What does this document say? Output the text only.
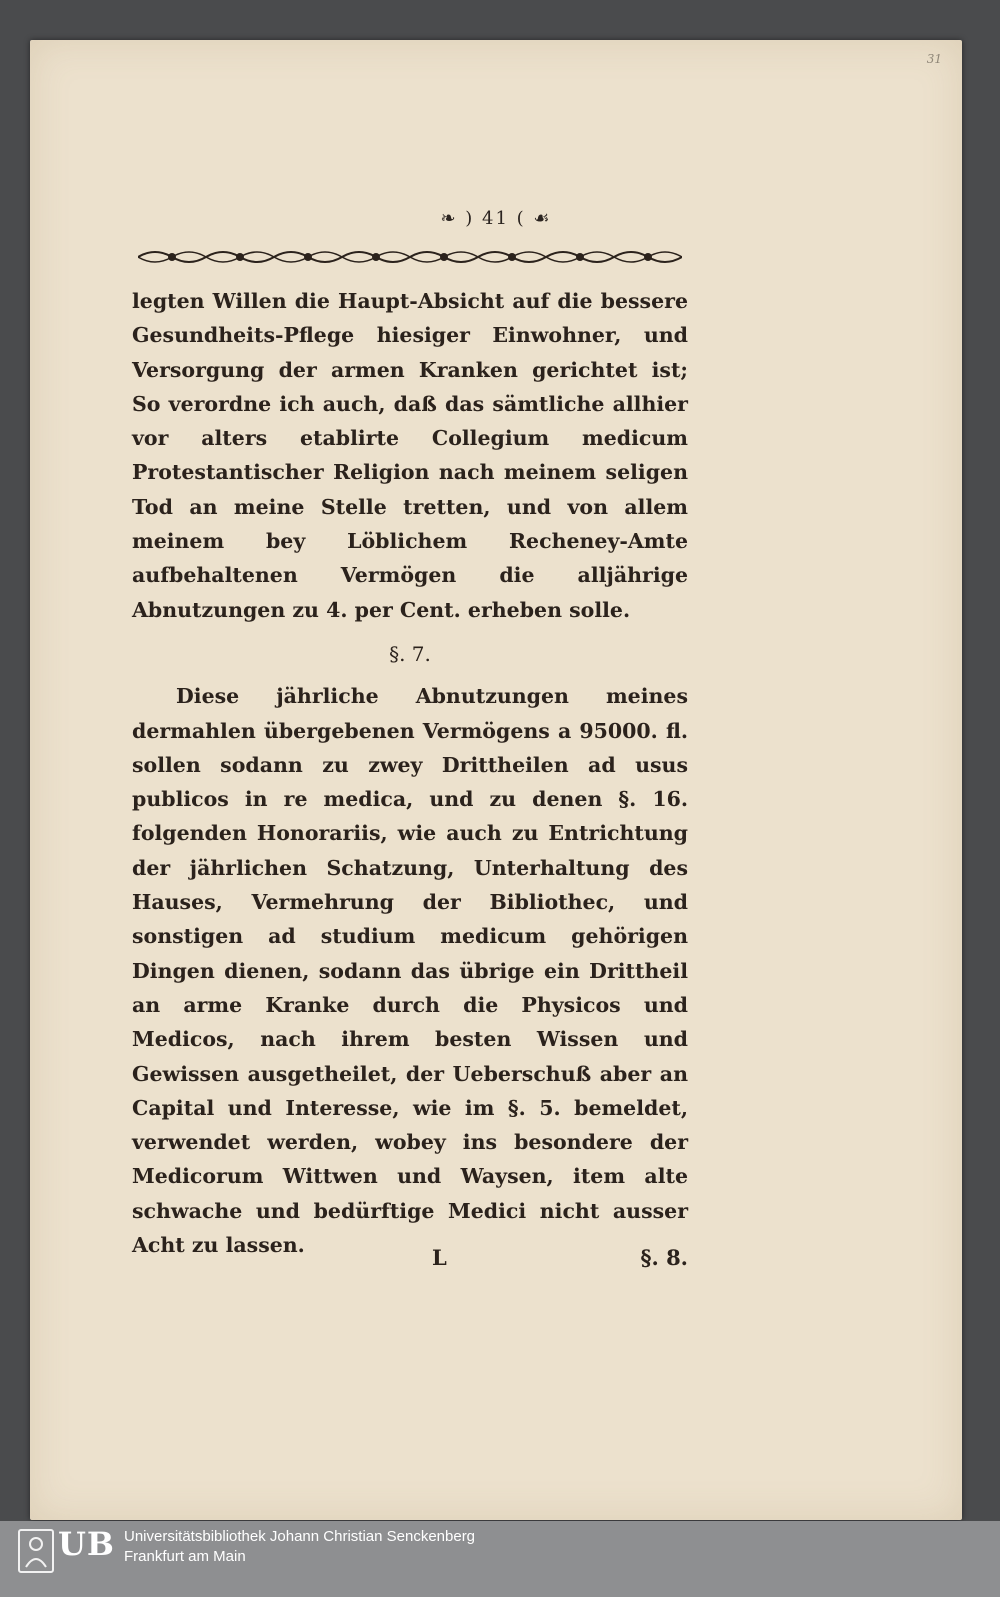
31
❧ ) 41 ( ☙

legten Willen die Haupt-Absicht auf die bessere Gesundheits-Pflege hiesiger Einwohner, und Versorgung der armen Kranken gerichtet ist; So verordne ich auch, daß das sämtliche allhier vor alters etablirte Collegium medicum Protestantischer Religion nach meinem seligen Tod an meine Stelle tretten, und von allem meinem bey Löblichem Recheney-Amte aufbehaltenen Vermögen die alljährige Abnutzungen zu 4. per Cent. erheben solle.

§. 7.

Diese jährliche Abnutzungen meines dermahlen übergebenen Vermögens a 95000. fl. sollen sodann zu zwey Drittheilen ad usus publicos in re medica, und zu denen §. 16. folgenden Honorariis, wie auch zu Entrichtung der jährlichen Schatzung, Unterhaltung des Hauses, Vermehrung der Bibliothec, und sonstigen ad studium medicum gehörigen Dingen dienen, sodann das übrige ein Drittheil an arme Kranke durch die Physicos und Medicos, nach ihrem besten Wissen und Gewissen ausgetheilet, der Ueberschuß aber an Capital und Interesse, wie im §. 5. bemeldet, verwendet werden, wobey ins besondere der Medicorum Wittwen und Waysen, item alte schwache und bedürftige Medici nicht ausser Acht zu lassen.	L	§. 8.
UB Universitätsbibliothek Johann Christian Senckenberg
Frankfurt am Main
